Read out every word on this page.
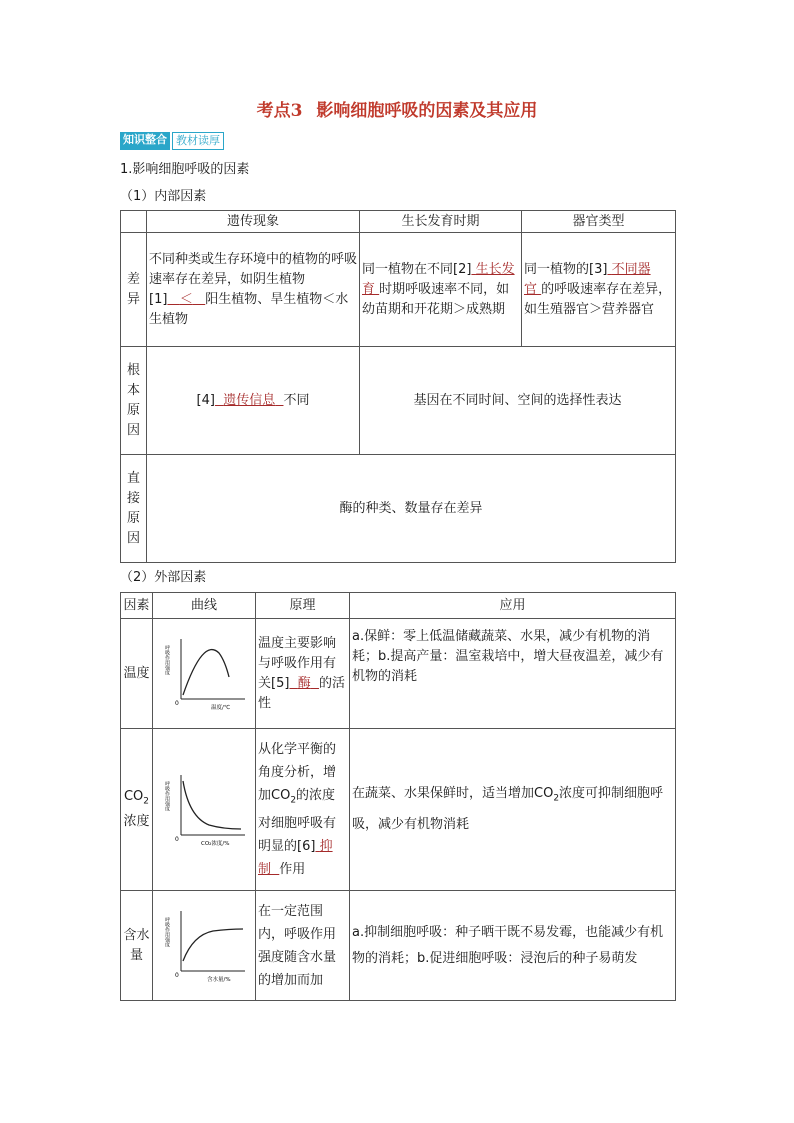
考点3 影响细胞呼吸的因素及其应用
知识整合 教材读厚
1.影响细胞呼吸的因素
（1）内部因素
	遗传现象	生长发育时期	器官类型

差
异	不同种类或生存环境中的植物的呼吸速率存在差异，如阴生植物[1] ＜ 阳生植物、旱生植物＜水生植物	同一植物在不同[2] 生长发育 时期呼吸速率不同，如幼苗期和开花期＞成熟期	同一植物的[3] 不同器官 的呼吸速率存在差异，如生殖器官＞营养器官

根
本
原
因	[4] 遗传信息 不同	基因在不同时间、空间的选择性表达	

直
接
原
因	酶的种类、数量存在差异		
（2）外部因素
因素	曲线	原理	应用
温度	呼吸作用强度
0
温度/℃	温度主要影响与呼吸作用有关[5] 酶 的活性	a.保鲜：零上低温储藏蔬菜、水果，减少有机物的消耗；b.提高产量：温室栽培中，增大昼夜温差，减少有机物的消耗
$CO_2$
浓度	呼吸作用强度
0
CO₂浓度/%	从化学平衡的角度分析，增加$CO_2$的浓度对细胞呼吸有明显的[6] 抑制 作用	在蔬菜、水果保鲜时，适当增加$CO_2$浓度可抑制细胞呼吸，减少有机物消耗
含水量	呼吸作用强度
0
含水量/%	在一定范围内，呼吸作用强度随含水量的增加而加	a.抑制细胞呼吸：种子晒干既不易发霉，也能减少有机物的消耗；b.促进细胞呼吸：浸泡后的种子易萌发
